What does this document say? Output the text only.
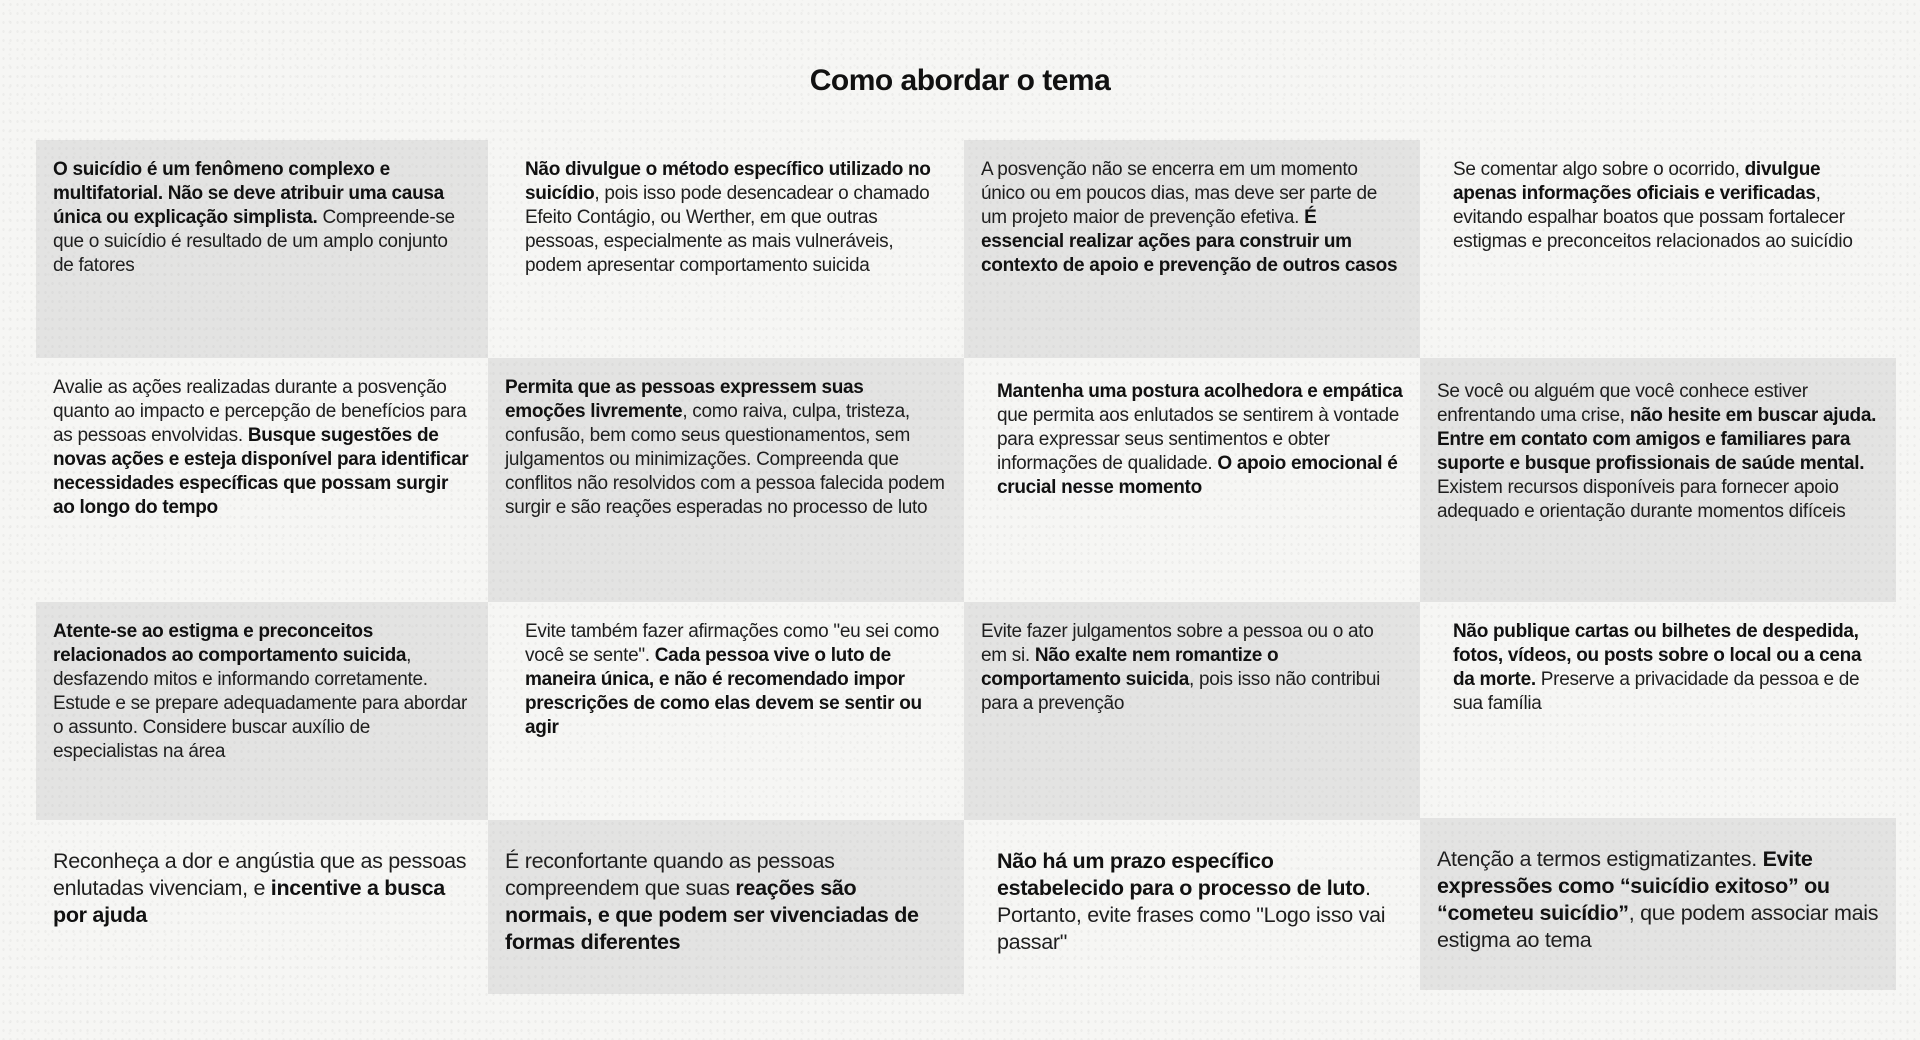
Como abordar o tema
O suicídio é um fenômeno complexo e multifatorial. Não se deve atribuir uma causa única ou explicação simplista. Compreende-se que o suicídio é resultado de um amplo conjunto de fatores
Não divulgue o método específico utilizado no suicídio, pois isso pode desencadear o chamado Efeito Contágio, ou Werther, em que outras pessoas, especialmente as mais vulneráveis, podem apresentar comportamento suicida
A posvenção não se encerra em um momento único ou em poucos dias, mas deve ser parte de um projeto maior de prevenção efetiva. É essencial realizar ações para construir um contexto de apoio e prevenção de outros casos
Se comentar algo sobre o ocorrido, divulgue apenas informações oficiais e verificadas, evitando espalhar boatos que possam fortalecer estigmas e preconceitos relacionados ao suicídio
Avalie as ações realizadas durante a posvenção quanto ao impacto e percepção de benefícios para as pessoas envolvidas. Busque sugestões de novas ações e esteja disponível para identificar necessidades específicas que possam surgir ao longo do tempo
Permita que as pessoas expressem suas emoções livremente, como raiva, culpa, tristeza, confusão, bem como seus questionamentos, sem julgamentos ou minimizações. Compreenda que conflitos não resolvidos com a pessoa falecida podem surgir e são reações esperadas no processo de luto
Mantenha uma postura acolhedora e empática que permita aos enlutados se sentirem à vontade para expressar seus sentimentos e obter informações de qualidade. O apoio emocional é crucial nesse momento
Se você ou alguém que você conhece estiver enfrentando uma crise, não hesite em buscar ajuda. Entre em contato com amigos e familiares para suporte e busque profissionais de saúde mental. Existem recursos disponíveis para fornecer apoio adequado e orientação durante momentos difíceis
Atente-se ao estigma e preconceitos relacionados ao comportamento suicida, desfazendo mitos e informando corretamente. Estude e se prepare adequadamente para abordar o assunto. Considere buscar auxílio de especialistas na área
Evite também fazer afirmações como "eu sei como você se sente". Cada pessoa vive o luto de maneira única, e não é recomendado impor prescrições de como elas devem se sentir ou agir
Evite fazer julgamentos sobre a pessoa ou o ato em si. Não exalte nem romantize o comportamento suicida, pois isso não contribui para a prevenção
Não publique cartas ou bilhetes de despedida, fotos, vídeos, ou posts sobre o local ou a cena da morte. Preserve a privacidade da pessoa e de sua família
Reconheça a dor e angústia que as pessoas enlutadas vivenciam, e incentive a busca por ajuda
É reconfortante quando as pessoas compreendem que suas reações são normais, e que podem ser vivenciadas de formas diferentes
Não há um prazo específico estabelecido para o processo de luto. Portanto, evite frases como "Logo isso vai passar"
Atenção a termos estigmatizantes. Evite expressões como “suicídio exitoso” ou “cometeu suicídio”, que podem associar mais estigma ao tema
